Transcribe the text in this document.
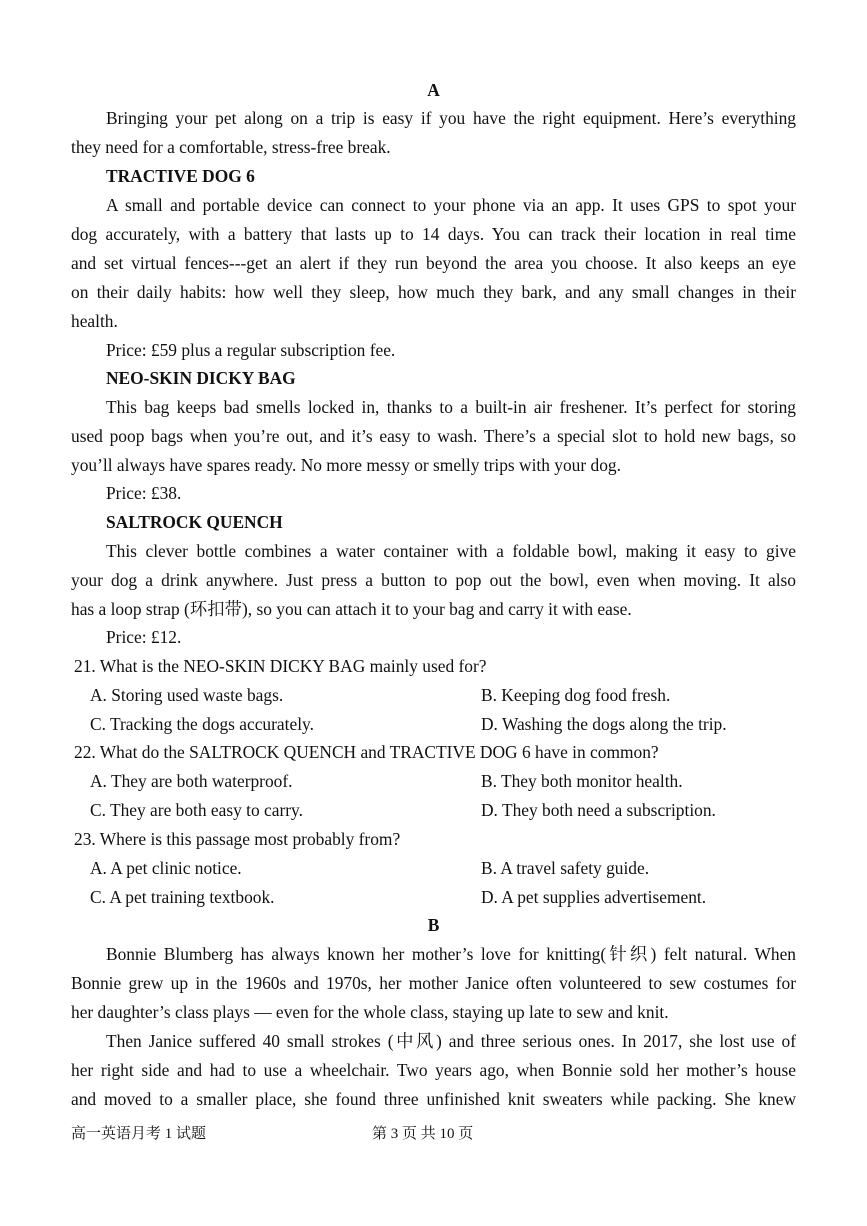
A
Bringing your pet along on a trip is easy if you have the right equipment. Here’s everything
they need for a comfortable, stress-free break.
TRACTIVE DOG 6
A small and portable device can connect to your phone via an app. It uses GPS to spot your
dog accurately, with a battery that lasts up to 14 days. You can track their location in real time
and set virtual fences---get an alert if they run beyond the area you choose. It also keeps an eye
on their daily habits: how well they sleep, how much they bark, and any small changes in their
health.
Price: £59 plus a regular subscription fee.
NEO-SKIN DICKY BAG
This bag keeps bad smells locked in, thanks to a built-in air freshener. It’s perfect for storing
used poop bags when you’re out, and it’s easy to wash. There’s a special slot to hold new bags, so
you’ll always have spares ready. No more messy or smelly trips with your dog.
Price: £38.
SALTROCK QUENCH
This clever bottle combines a water container with a foldable bowl, making it easy to give
your dog a drink anywhere. Just press a button to pop out the bowl, even when moving. It also
has a loop strap (环扣带), so you can attach it to your bag and carry it with ease.
Price: £12.
21. What is the NEO-SKIN DICKY BAG mainly used for?
A. Storing used waste bags.	B. Keeping dog food fresh.
C. Tracking the dogs accurately.	D. Washing the dogs along the trip.
22. What do the SALTROCK QUENCH and TRACTIVE DOG 6 have in common?
A. They are both waterproof.	B. They both monitor health.
C. They are both easy to carry.	D. They both need a subscription.
23. Where is this passage most probably from?
A. A pet clinic notice.	B. A travel safety guide.
C. A pet training textbook.	D. A pet supplies advertisement.
B
Bonnie Blumberg has always known her mother’s love for knitting(针织) felt natural. When
Bonnie grew up in the 1960s and 1970s, her mother Janice often volunteered to sew costumes for
her daughter’s class plays — even for the whole class, staying up late to sew and knit.
Then Janice suffered 40 small strokes (中风) and three serious ones. In 2017, she lost use of
her right side and had to use a wheelchair. Two years ago, when Bonnie sold her mother’s house
and moved to a smaller place, she found three unfinished knit sweaters while packing. She knew
高一英语月考 1 试题	第 3 页 共 10 页
